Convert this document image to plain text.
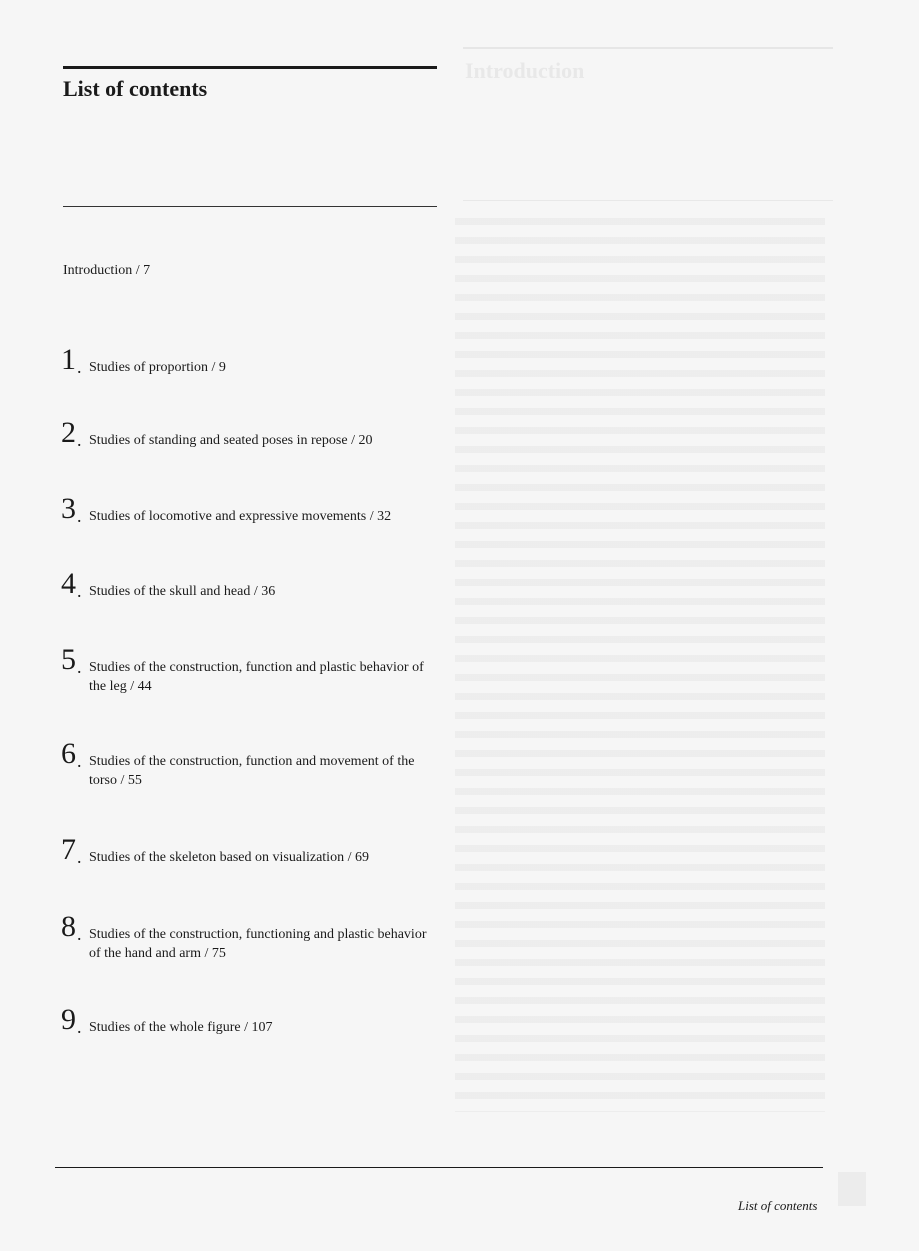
List of contents
Introduction / 7
1 . Studies of proportion / 9
2 . Studies of standing and seated poses in repose / 20
3 . Studies of locomotive and expressive movements / 32
4 . Studies of the skull and head / 36
5 . Studies of the construction, function and plastic behavior of the leg / 44
6 . Studies of the construction, function and movement of the torso / 55
7 . Studies of the skeleton based on visualization / 69
8 . Studies of the construction, functioning and plastic behavior of the hand and arm / 75
9 . Studies of the whole figure / 107
Introduction
List of contents
